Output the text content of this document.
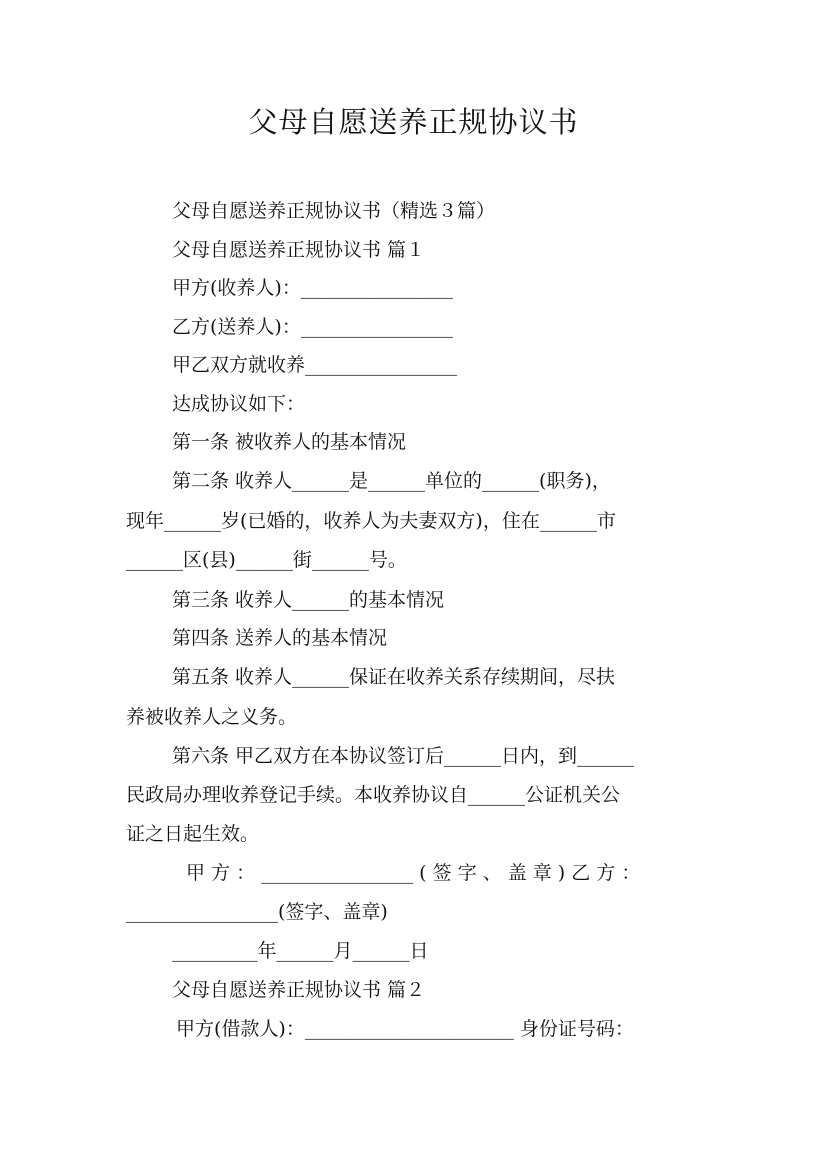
父母自愿送养正规协议书
父母自愿送养正规协议书（精选３篇）
父母自愿送养正规协议书 篇１
甲方(收养人)：________________
乙方(送养人)：________________
甲乙双方就收养________________
达成协议如下：
第一条 被收养人的基本情况
第二条 收养人______是______单位的______(职务)，
现年______岁(已婚的，收养人为夫妻双方)，住在______市
______区(县)______街______号。
第三条 收养人______的基本情况
第四条 送养人的基本情况
第五条 收养人______保证在收养关系存续期间，尽扶
养被收养人之义务。
第六条 甲乙双方在本协议签订后______日内，到______
民政局办理收养登记手续。本收养协议自______公证机关公
证之日起生效。
甲 方 ： ________________ ( 签 字 、 盖 章 ) 乙 方 ：
________________(签字、盖章)
_________年______月______日
父母自愿送养正规协议书 篇２
甲方(借款人)：______________________ 身份证号码：
